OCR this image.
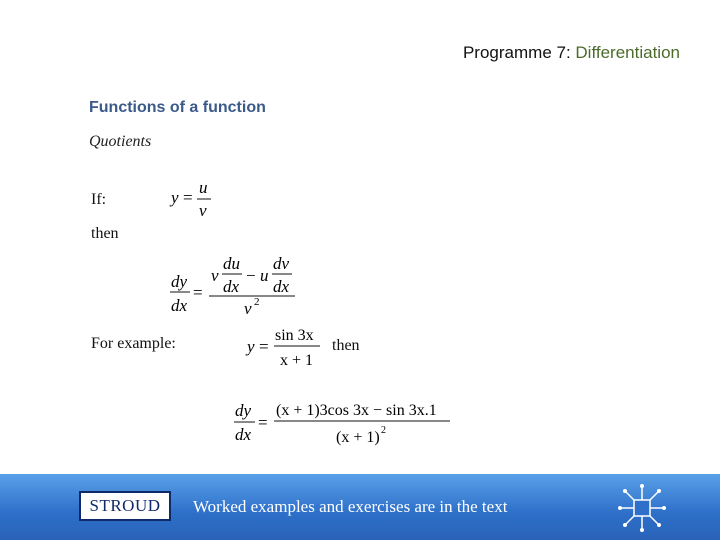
Programme 7: Differentiation
Functions of a function
Quotients
If:	y =
u
v
then
dy
dx
=
v
du
dx
− u
dv
dx
v 2
For example:	y =
sin 3x
x + 1
then
dy
dx
=
(x + 1)3cos 3x − sin 3x.1
(x + 1) 2
STROUD	Worked examples and exercises are in the text
